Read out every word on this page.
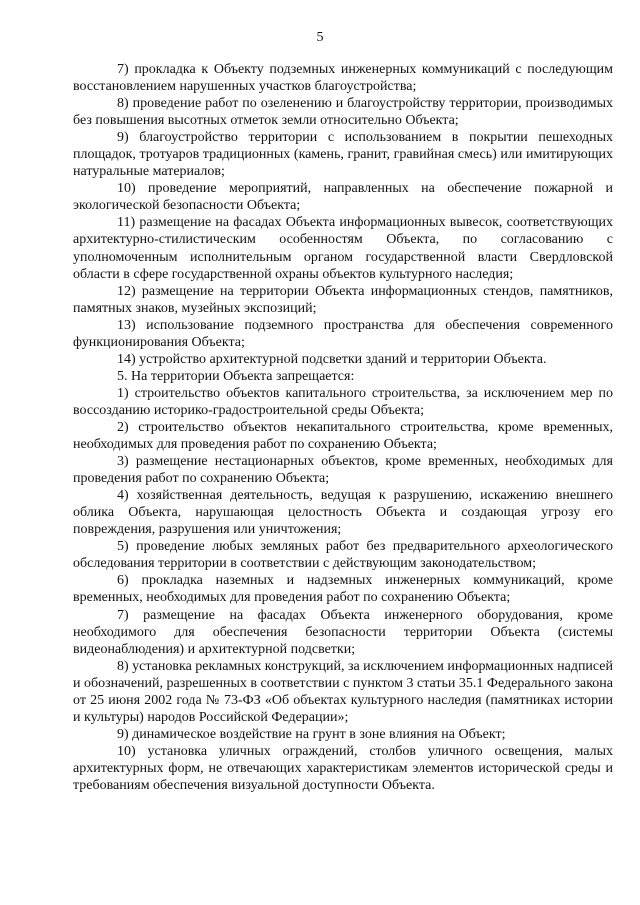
5

7) прокладка к Объекту подземных инженерных коммуникаций с последующим восстановлением нарушенных участков благоустройства;

8) проведение работ по озеленению и благоустройству территории, производимых без повышения высотных отметок земли относительно Объекта;

9) благоустройство территории с использованием в покрытии пешеходных площадок, тротуаров традиционных (камень, гранит, гравийная смесь) или имитирующих натуральные материалов;

10) проведение мероприятий, направленных на обеспечение пожарной и экологической безопасности Объекта;

11) размещение на фасадах Объекта информационных вывесок, соответствующих архитектурно-стилистическим особенностям Объекта, по согласованию с уполномоченным исполнительным органом государственной власти Свердловской области в сфере государственной охраны объектов культурного наследия;

12) размещение на территории Объекта информационных стендов, памятников, памятных знаков, музейных экспозиций;

13) использование подземного пространства для обеспечения современного функционирования Объекта;

14) устройство архитектурной подсветки зданий и территории Объекта.

5. На территории Объекта запрещается:

1) строительство объектов капитального строительства, за исключением мер по воссозданию историко-градостроительной среды Объекта;

2) строительство объектов некапитального строительства, кроме временных, необходимых для проведения работ по сохранению Объекта;

3) размещение нестационарных объектов, кроме временных, необходимых для проведения работ по сохранению Объекта;

4) хозяйственная деятельность, ведущая к разрушению, искажению внешнего облика Объекта, нарушающая целостность Объекта и создающая угрозу его повреждения, разрушения или уничтожения;

5) проведение любых земляных работ без предварительного археологического обследования территории в соответствии с действующим законодательством;

6) прокладка наземных и надземных инженерных коммуникаций, кроме временных, необходимых для проведения работ по сохранению Объекта;

7) размещение на фасадах Объекта инженерного оборудования, кроме необходимого для обеспечения безопасности территории Объекта (системы видеонаблюдения) и архитектурной подсветки;

8) установка рекламных конструкций, за исключением информационных надписей и обозначений, разрешенных в соответствии с пунктом 3 статьи 35.1 Федерального закона от 25 июня 2002 года № 73-ФЗ «Об объектах культурного наследия (памятниках истории и культуры) народов Российской Федерации»;

9) динамическое воздействие на грунт в зоне влияния на Объект;

10) установка уличных ограждений, столбов уличного освещения, малых архитектурных форм, не отвечающих характеристикам элементов исторической среды и требованиям обеспечения визуальной доступности Объекта.
